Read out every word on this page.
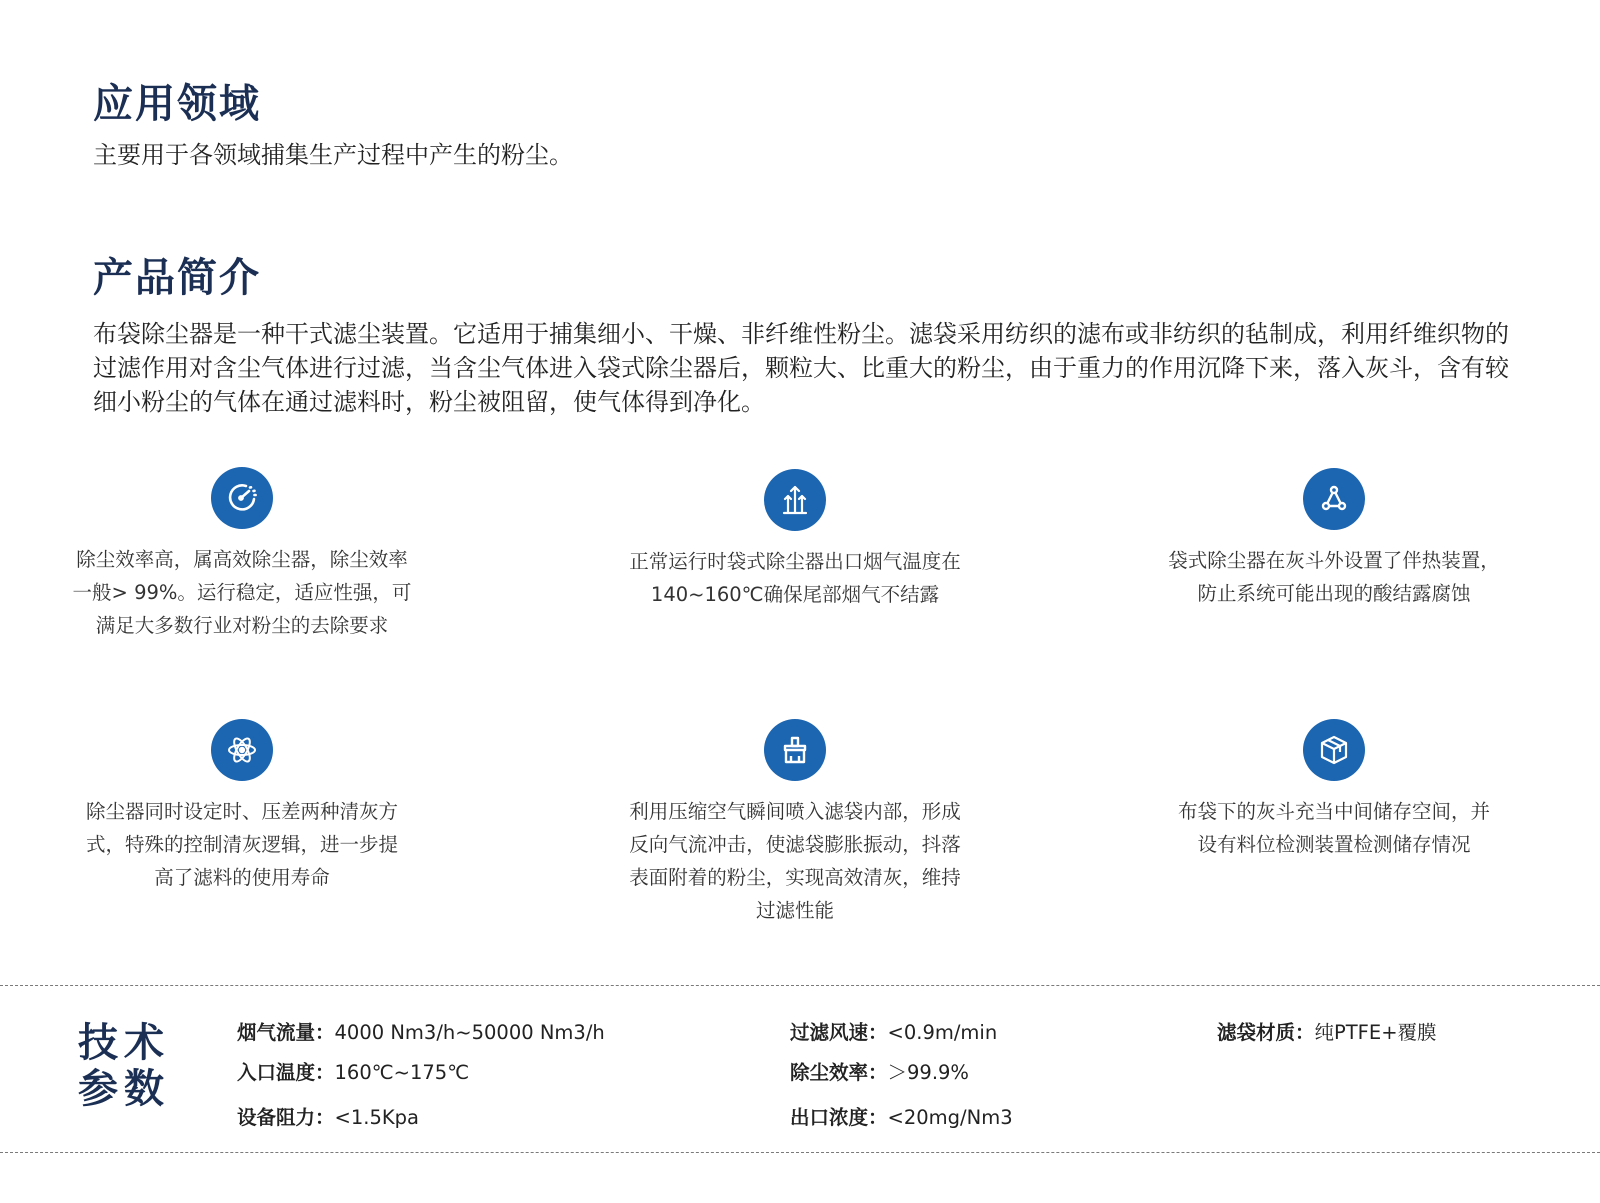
应用领域

主要用于各领域捕集生产过程中产生的粉尘。

产品简介

布袋除尘器是一种干式滤尘装置。它适用于捕集细小、干燥、非纤维性粉尘。滤袋采用纺织的滤布或非纺织的毡制成，利用纤维织物的过滤作用对含尘气体进行过滤，当含尘气体进入袋式除尘器后，颗粒大、比重大的粉尘，由于重力的作用沉降下来，落入灰斗，含有较细小粉尘的气体在通过滤料时，粉尘被阻留，使气体得到净化。

除尘效率高，属高效除尘器，除尘效率
一般> 99%。运行稳定，适应性强，可
满足大多数行业对粉尘的去除要求

正常运行时袋式除尘器出口烟气温度在
140~160℃确保尾部烟气不结露

袋式除尘器在灰斗外设置了伴热装置，
防止系统可能出现的酸结露腐蚀

除尘器同时设定时、压差两种清灰方
式，特殊的控制清灰逻辑，进一步提
高了滤料的使用寿命

利用压缩空气瞬间喷入滤袋内部，形成
反向气流冲击，使滤袋膨胀振动，抖落
表面附着的粉尘，实现高效清灰，维持
过滤性能

布袋下的灰斗充当中间储存空间，并
设有料位检测装置检测储存情况

技术
参数
烟气流量：4000 Nm3/h~50000 Nm3/h	过滤风速：<0.9m/min	滤袋材质：纯PTFE+覆膜
入口温度：160℃~175℃	除尘效率：＞99.9%
设备阻力：<1.5Kpa	出口浓度：<20mg/Nm3
